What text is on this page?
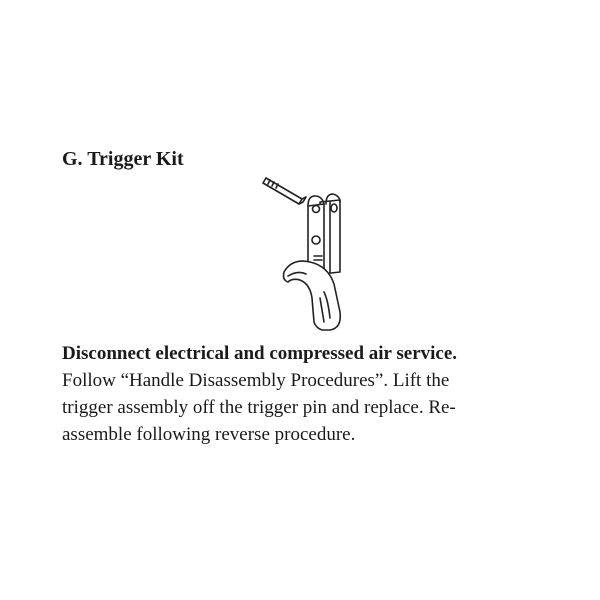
G. Trigger Kit
Disconnect electrical and compressed air service.
Follow “Handle Disassembly Procedures”. Lift the
trigger assembly off the trigger pin and replace. Re-
assemble following reverse procedure.
